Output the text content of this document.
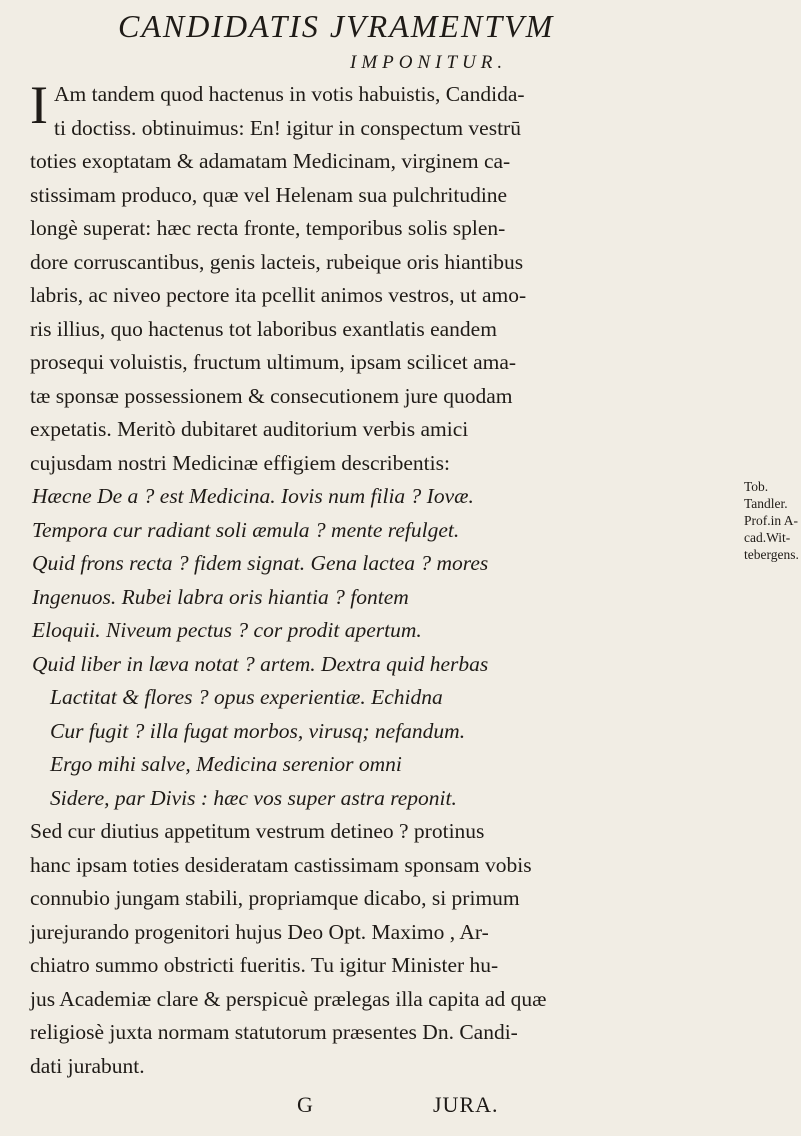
CANDIDATIS JVRAMENTVM
IMPONITUR.
I Am tandem quod hactenus in votis habuistis, Candida-
ti doctiss. obtinuimus: En! igitur in conspectum vestrū
toties exoptatam & adamatam Medicinam, virginem ca-
stissimam produco, quæ vel Helenam sua pulchritudine
longè superat: hæc recta fronte, temporibus solis splen-
dore corruscantibus, genis lacteis, rubeique oris hiantibus
labris, ac niveo pectore ita pcellit animos vestros, ut amo-
ris illius, quo hactenus tot laboribus exantlatis eandem
prosequi voluistis, fructum ultimum, ipsam scilicet ama-
tæ sponsæ possessionem & consecutionem jure quodam
expetatis. Meritò dubitaret auditorium verbis amici
cujusdam nostri Medicinæ effigiem describentis:
Hæcne De a ? est Medicina. Iovis num filia ? Iovæ.
Tempora cur radiant soli æmula ? mente refulget.
Quid frons recta ? fidem signat. Gena lactea ? mores
Ingenuos. Rubei labra oris hiantia ? fontem
Eloquii. Niveum pectus ? cor prodit apertum.
Quid liber in læva notat ? artem. Dextra quid herbas
Lactitat & flores ? opus experientiæ. Echidna
Cur fugit ? illa fugat morbos, virusq; nefandum.
Ergo mihi salve, Medicina serenior omni
Sidere, par Divis : hæc vos super astra reponit.
Sed cur diutius appetitum vestrum detineo ? protinus
hanc ipsam toties desideratam castissimam sponsam vobis
connubio jungam stabili, propriamque dicabo, si primum
jurejurando progenitori hujus Deo Opt. Maximo , Ar-
chiatro summo obstricti fueritis. Tu igitur Minister hu-
jus Academiæ clare & perspicuè prælegas illa capita ad quæ
religiosè juxta normam statutorum præsentes Dn. Candi-
dati jurabunt.
Tob.
Tandler.
Prof.in A-
cad.Wit-
tebergens.
G	JURA.
